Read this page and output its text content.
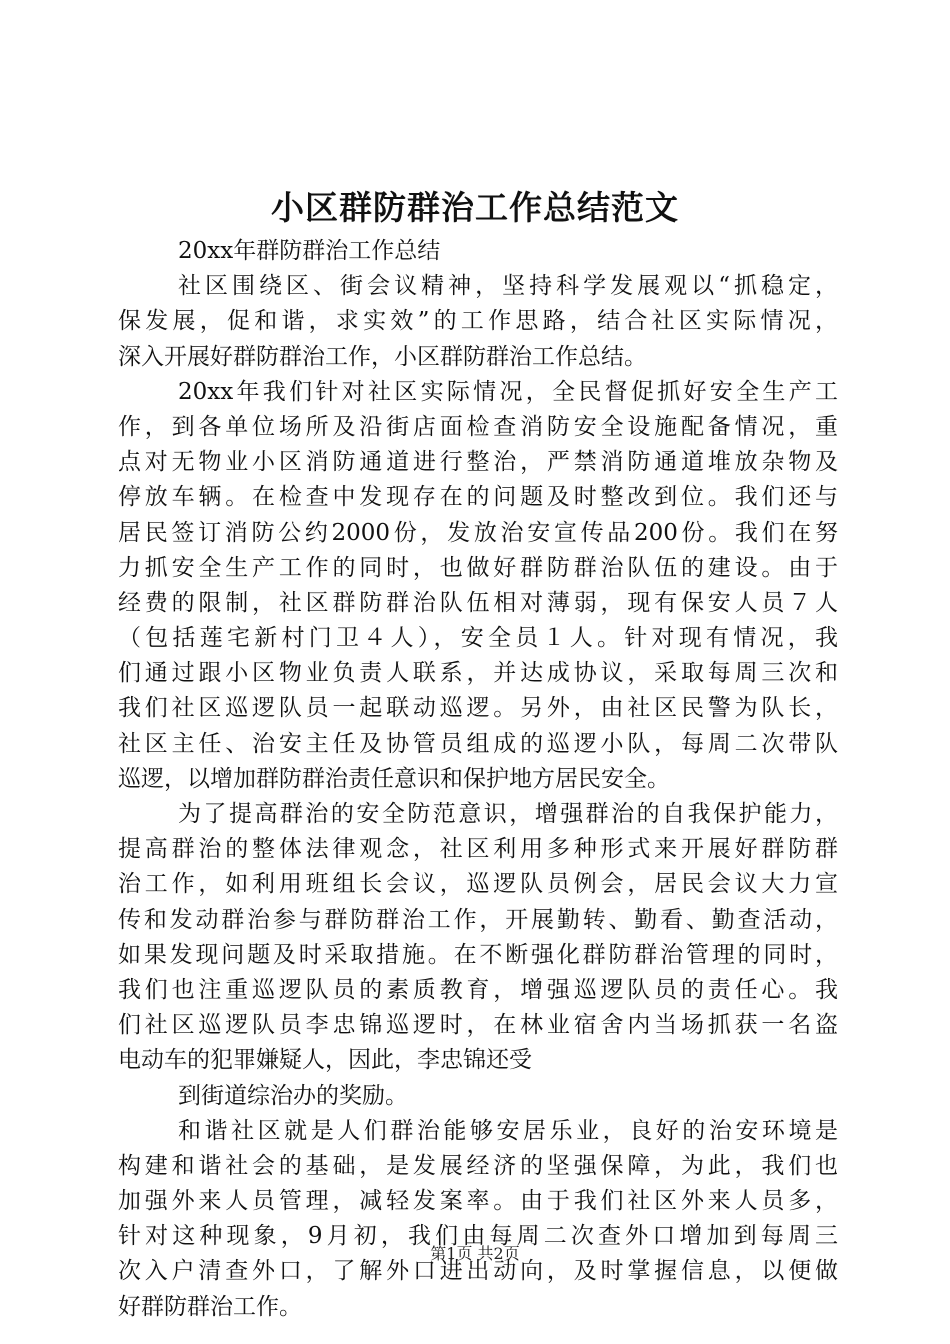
小区群防群治工作总结范文
20xx年群防群治工作总结
社区围绕区、街会议精神，坚持科学发展观以“抓稳定，
保发展，促和谐，求实效”的工作思路，结合社区实际情况，
深入开展好群防群治工作，小区群防群治工作总结。
20xx年我们针对社区实际情况，全民督促抓好安全生产工
作，到各单位场所及沿街店面检查消防安全设施配备情况，重
点对无物业小区消防通道进行整治，严禁消防通道堆放杂物及
停放车辆。在检查中发现存在的问题及时整改到位。我们还与
居民签订消防公约2000份，发放治安宣传品200份。我们在努
力抓安全生产工作的同时，也做好群防群治队伍的建设。由于
经费的限制，社区群防群治队伍相对薄弱，现有保安人员７人
（包括莲宅新村门卫４人），安全员１人。针对现有情况，我
们通过跟小区物业负责人联系，并达成协议，采取每周三次和
我们社区巡逻队员一起联动巡逻。另外，由社区民警为队长，
社区主任、治安主任及协管员组成的巡逻小队，每周二次带队
巡逻，以增加群防群治责任意识和保护地方居民安全。
为了提高群治的安全防范意识，增强群治的自我保护能力，
提高群治的整体法律观念，社区利用多种形式来开展好群防群
治工作，如利用班组长会议，巡逻队员例会，居民会议大力宣
传和发动群治参与群防群治工作，开展勤转、勤看、勤查活动，
如果发现问题及时采取措施。在不断强化群防群治管理的同时，
我们也注重巡逻队员的素质教育，增强巡逻队员的责任心。我
们社区巡逻队员李忠锦巡逻时，在林业宿舍内当场抓获一名盗
电动车的犯罪嫌疑人，因此，李忠锦还受
到街道综治办的奖励。
和谐社区就是人们群治能够安居乐业，良好的治安环境是
构建和谐社会的基础，是发展经济的坚强保障，为此，我们也
加强外来人员管理，减轻发案率。由于我们社区外来人员多，
针对这种现象，9月初，我们由每周二次查外口增加到每周三
次入户清查外口，了解外口进出动向，及时掌握信息，以便做
好群防群治工作。
第1页 共2页
